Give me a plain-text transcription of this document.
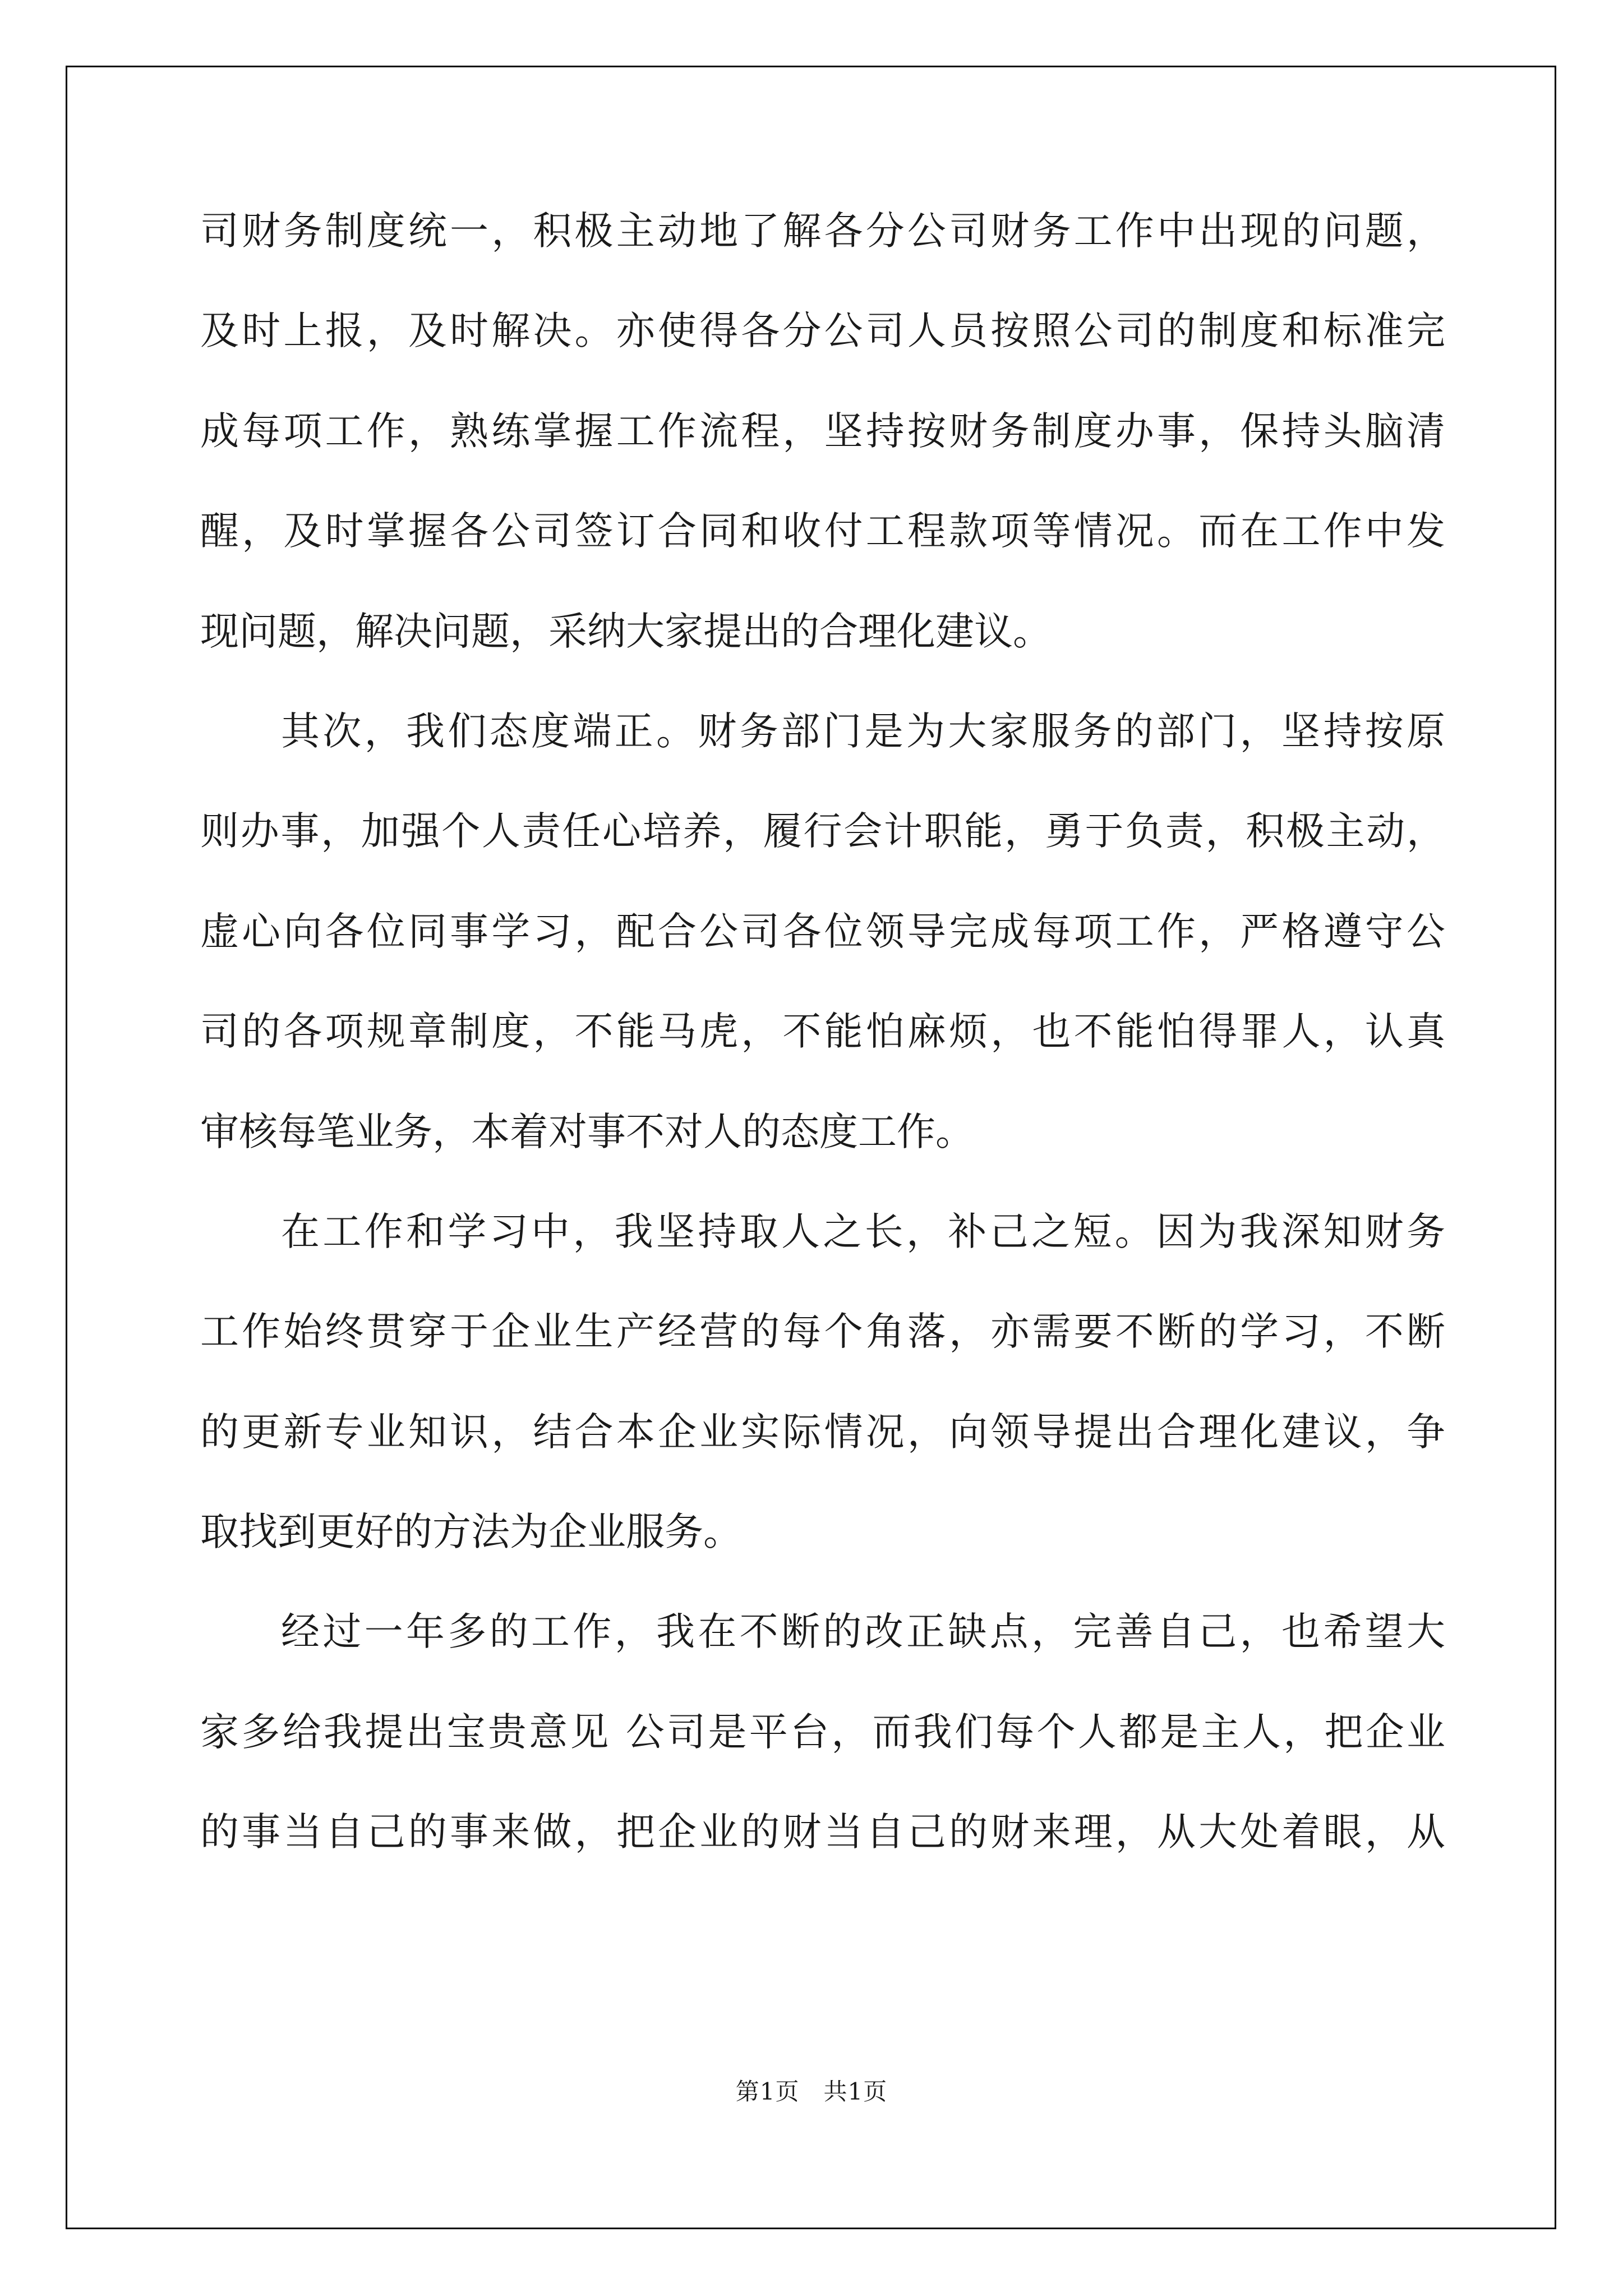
司财务制度统一，积极主动地了解各分公司财务工作中出现的问题，
及时上报，及时解决。亦使得各分公司人员按照公司的制度和标准完
成每项工作，熟练掌握工作流程，坚持按财务制度办事，保持头脑清
醒，及时掌握各公司签订合同和收付工程款项等情况。而在工作中发
现问题，解决问题，采纳大家提出的合理化建议。
其次，我们态度端正。财务部门是为大家服务的部门，坚持按原
则办事，加强个人责任心培养，履行会计职能，勇于负责，积极主动，
虚心向各位同事学习，配合公司各位领导完成每项工作，严格遵守公
司的各项规章制度，不能马虎，不能怕麻烦，也不能怕得罪人，认真
审核每笔业务，本着对事不对人的态度工作。
在工作和学习中，我坚持取人之长，补己之短。因为我深知财务
工作始终贯穿于企业生产经营的每个角落，亦需要不断的学习，不断
的更新专业知识，结合本企业实际情况，向领导提出合理化建议，争
取找到更好的方法为企业服务。
经过一年多的工作，我在不断的改正缺点，完善自己，也希望大
家多给我提出宝贵意见 公司是平台，而我们每个人都是主人，把企业
的事当自己的事来做，把企业的财当自己的财来理，从大处着眼，从
第1页   共1页
